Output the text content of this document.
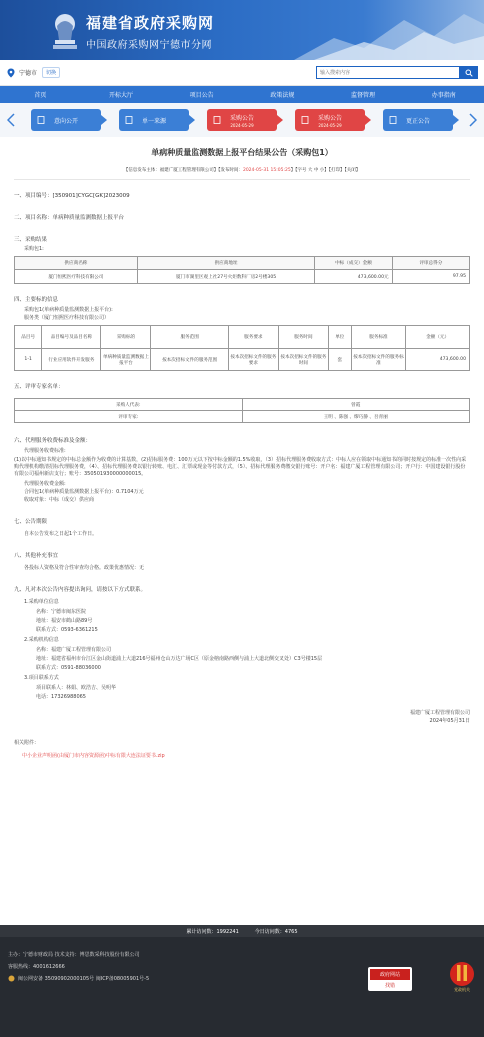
福建省政府采购网
中国政府采购网宁德市分网
宁德市	切换
输入搜索内容
首页	开标大厅	项目公告	政策法规	监督管理	办事指南
意向公开	单一来源	采购公告
2024-05-29
采购公告
2024-05-29
更正公告
单病种质量监测数据上报平台结果公告（采购包1）
【信息发布主体：福建广厦工程管理有限公司】【发布时间：2024-05-31 15:05:25】【字号 大 中 小】【打印】【关闭】
一、项目编号：[350901]CYGC[GK]2023009
二、项目名称：单病种质量监测数据上报平台
三、采购结果
采购包1:
供应商名称	供应商地址	中标（成交）金额	评审总得分
厦门恒熙医疗科技有限公司	厦门市湖里区观上社27号火炬数科厂房2号楼305	473,600.00元	97.95
四、主要标的信息
采购包1(单病种质量监测数据上报平台):
服务类（厦门恒熙医疗科技有限公司）
品目号	品目编号及品目名称	采购标的	服务范围	服务要求	服务时间	单位	服务标准	金额（元）
1-1	行业应用软件开发服务	单病种质量监测数据上报平台	按本次招标文件的服务范围	按本次招标文件的服务要求	按本次招标文件的服务时间	套	按本次招标文件的服务标准	473,600.00
五、评审专家名单：
采购人代表:	曾霞
评审专家:	王明 、陈强 、缪巧静 、吾青丽
六、代理服务收费标准及金额：
代理服务收费标准:
(1)以中标通知书规定的中标总金额作为收费的计算基数，(2)招标服务费：100万元以下按中标金额的1.5%收取，（3）招标代理服务费收取方式：中标人应在领取中标通知书的同时按规定的标准一次性向采购代理机构缴清招标代理服务费，（4）、招标代理服务费以银行转账、电汇、汇票或现金等付款方式，（5）、招标代理服务费缴交银行账号：开户名：福建广厦工程管理有限公司；开户行：中国建设银行股份有限公司福州新店支行；账号：350501930000000015。
代理服务收费金额:
合同包1(单病种质量监测数据上报平台)：0.7104万元
收取对象：中标（成交）供应商
七、公告期限
自本公告发布之日起1个工作日。
八、其他补充事宜
各投标人资格及符合性审查均合格。政策优惠情况：无
九、凡对本次公告内容提出询问，请按以下方式联系。
1.采购单位信息
名称：宁德市闽东医院
地址：福安市鹤山路89号
联系方式：0593-6361215
2.采购机构信息
名称：福建广厦工程管理有限公司
地址：福建省福州市台江区金山街道浦上大道216号福州仓山万达广场C区（原金榕南路西侧与浦上大道北侧交叉处）C3号楼15层
联系方式：0591-88036000
3.项目联系方式
项目联系人：林娟、欧浩吉、吴明华
电话：17326988065
福建广厦工程管理有限公司
2024年05月31日
相关附件：
中小企业声明函(由厦门市内容资源函)中标有限大连法证要书.zip
累计访问数：1992241	今日访问数：4765
主办：宁德市财政局 技术支持：博思数采科技股份有限公司
客服热线：4001612666
闽公网安备 35090902000105号 闽ICP备08005901号-5
政府网站
找错
党政机关
